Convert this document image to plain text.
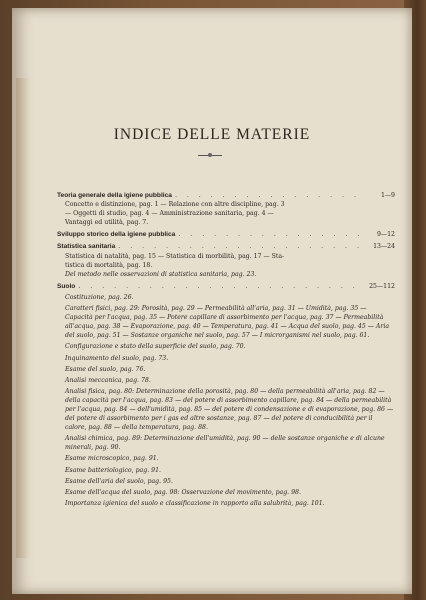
INDICE DELLE MATERIE
Teoria generale della igiene pubblica . . .	1—9
Concetto e distinzione, pag. 1 — Relazione con altre discipline, pag. 3
— Oggetti di studio, pag. 4 — Amministrazione sanitaria, pag. 4 —
Vantaggi ed utilità, pag. 7.
Sviluppo storico della igiene pubblica . . .	9—12
Statistica sanitaria . . .	13—24
Statistica di natalità, pag. 15 — Statistica di morbilità, pag. 17 — Sta-
tistica di mortalità, pag. 18.
Del metodo nelle osservazioni di statistica sanitaria, pag. 23.
Suolo . . .	25—112
Costituzione, pag. 26.
Caratteri fisici, pag. 29: Porosità, pag. 29 — Permeabilità all'aria, pag. 31 — Umidità, pag. 35 — Capacità per l'acqua, pag. 35 — Potere capillare di assorbimento per l'acqua, pag. 37 — Permeabilità all'acqua, pag. 38 — Evaporazione, pag. 40 — Temperatura, pag. 41 — Acqua del suolo, pag. 45 — Aria del suolo, pag. 51 — Sostanze organiche nel suolo, pag. 57 — I microrganismi nel suolo, pag. 61.
Configurazione e stato della superficie del suolo, pag. 70.
Inquinamento del suolo, pag. 73.
Esame del suolo, pag. 76.
Analisi meccanica, pag. 78.
Analisi fisica, pag. 80: Determinazione della porosità, pag. 80 — della permeabilità all'aria, pag. 82 — della capacità per l'acqua, pag. 83 — del potere di assorbimento capillare, pag. 84 — della permeabilità per l'acqua, pag. 84 — dell'umidità, pag. 85 — del potere di condensazione e di evaporazione, pag. 86 — del potere di assorbimento per i gas ed altre sostanze, pag. 87 — del potere di conducibilità per il calore, pag. 88 — della temperatura, pag. 88.
Analisi chimica, pag. 89: Determinazione dell'umidità, pag. 90 — delle sostanze organiche e di alcune minerali, pag. 90.
Esame microscopico, pag. 91.
Esame batteriologico, pag. 91.
Esame dell'aria del suolo, pag. 95.
Esame dell'acqua del suolo, pag. 98: Osservazione del movimento, pag. 98.
Importanza igienica del suolo e classificazione in rapporto alla salubrità, pag. 101.
